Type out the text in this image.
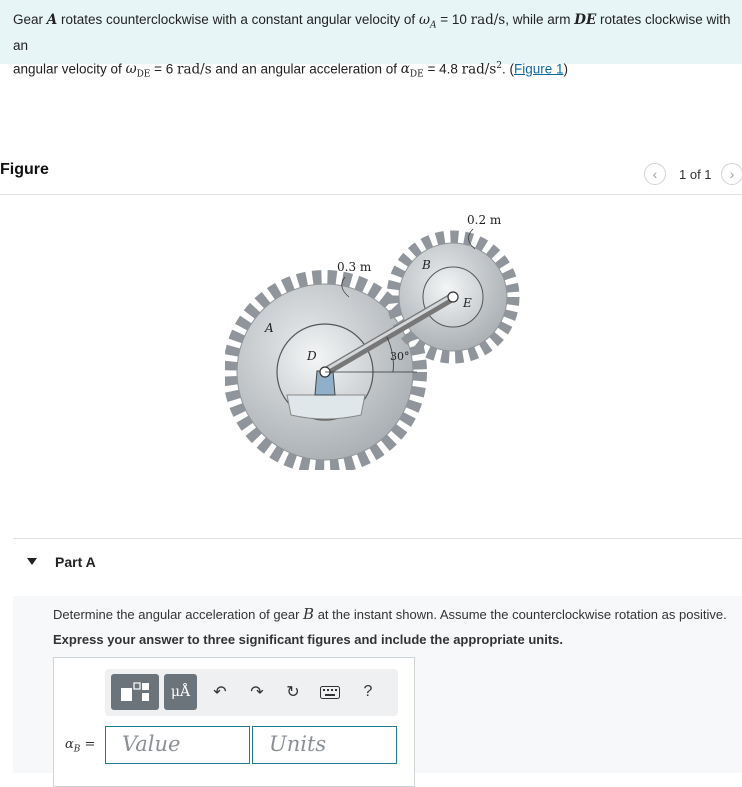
Gear A rotates counterclockwise with a constant angular velocity of $\omega_A = 10$ rad/s, while arm DE rotates clockwise with an
angular velocity of $\omega_{DE} = 6$ rad/s and an angular acceleration of $\alpha_{DE} = 4.8$ rad/$s^2$. (Figure 1)
Figure	‹	1 of 1	›
0.3 m
0.2 m
B
A
D
E
30°
Part A
Determine the angular acceleration of gear B at the instant shown. Assume the counterclockwise rotation as positive.
Express your answer to three significant figures and include the appropriate units.
μÅ	↶ ↷ ↻	?
$\alpha_B$ =	Value	Units
